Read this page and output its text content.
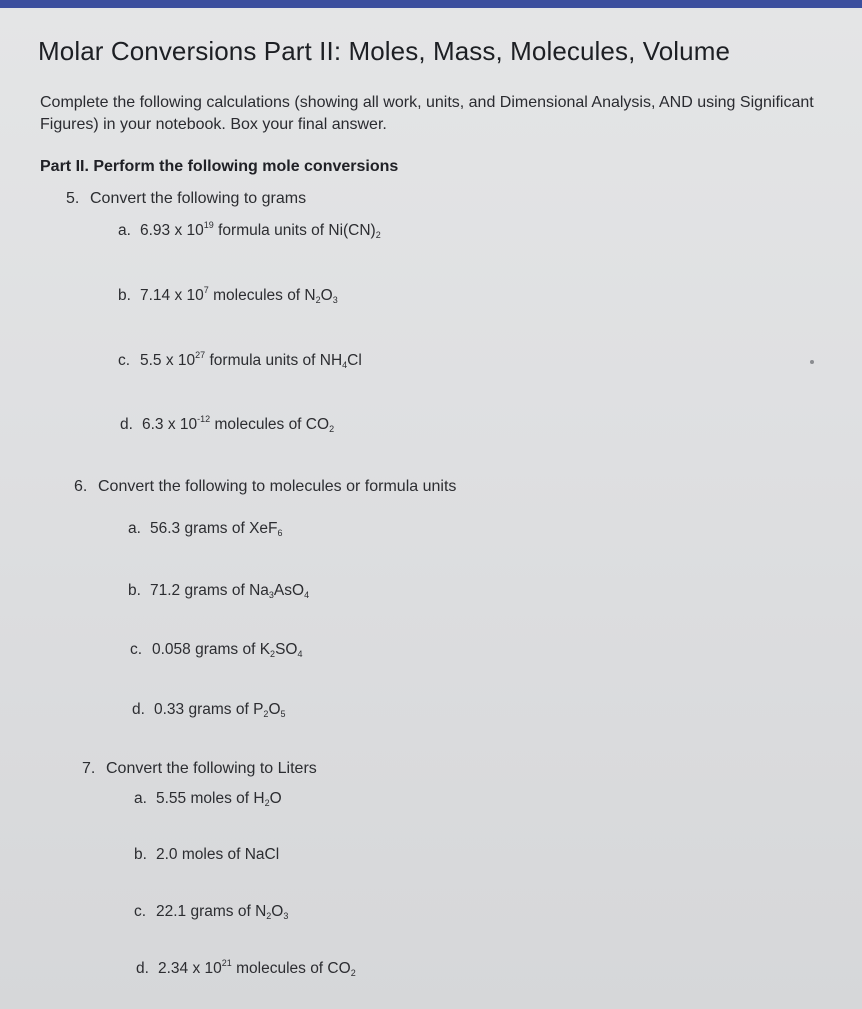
Molar Conversions Part II: Moles, Mass, Molecules, Volume
Complete the following calculations (showing all work, units, and Dimensional Analysis, AND using Significant Figures) in your notebook. Box your final answer.
Part II. Perform the following mole conversions
5. Convert the following to grams
a. 6.93 x $10^{19}$ formula units of $Ni(CN)_2$
b. 7.14 x $10^7$ molecules of $N_2O_3$
c. 5.5 x $10^{27}$ formula units of $NH_4Cl$
d. 6.3 x $10^{-12}$ molecules of $CO_2$
6. Convert the following to molecules or formula units
a. 56.3 grams of XeF$_6$
b. 71.2 grams of $Na_3AsO_4$
c. 0.058 grams of $K_2SO_4$
d. 0.33 grams of $P_2O_5$
7. Convert the following to Liters
a. 5.55 moles of $H_2O$
b. 2.0 moles of NaCl
c. 22.1 grams of $N_2O_3$
d. 2.34 x $10^{21}$ molecules of $CO_2$
